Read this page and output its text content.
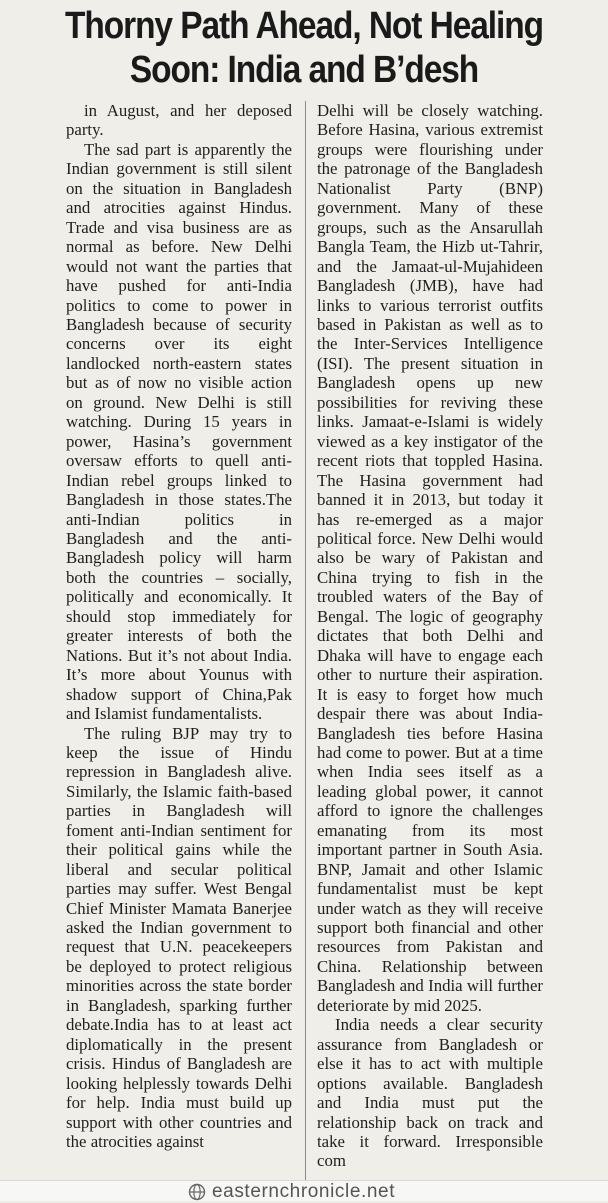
Thorny Path Ahead, Not Healing
Soon: India and B’desh

in August, and her deposed party.

The sad part is apparently the Indian government is still silent on the situation in Bangladesh and atrocities against Hindus. Trade and visa business are as normal as before. New Delhi would not want the parties that have pushed for anti-India politics to come to power in Bangladesh because of security concerns over its eight landlocked north-eastern states but as of now no visible action on ground. New Delhi is still watching. During 15 years in power, Hasina’s government oversaw efforts to quell anti-Indian rebel groups linked to Bangladesh in those states.The anti-Indian politics in Bangladesh and the anti-Bangladesh policy will harm both the countries – socially, politically and economically. It should stop immediately for greater interests of both the Nations. But it’s not about India. It’s more about Younus with shadow support of China,Pak and Islamist fundamentalists.

The ruling BJP may try to keep the issue of Hindu repression in Bangladesh alive. Similarly, the Islamic faith-based parties in Bangladesh will foment anti-Indian sentiment for their political gains while the liberal and secular political parties may suffer. West Bengal Chief Minister Mamata Banerjee asked the Indian government to request that U.N. peacekeepers be deployed to protect religious minorities across the state border in Bangladesh, sparking further debate.India has to at least act diplomatically in the present crisis. Hindus of Bangladesh are looking helplessly towards Delhi for help. India must build up support with other countries and the atrocities against

Delhi will be closely watching. Before Hasina, various extremist groups were flourishing under the patronage of the Bangladesh Nationalist Party (BNP) government. Many of these groups, such as the Ansarullah Bangla Team, the Hizb ut-Tahrir, and the Jamaat-ul-Mujahideen Bangladesh (JMB), have had links to various terrorist outfits based in Pakistan as well as to the Inter-Services Intelligence (ISI). The present situation in Bangladesh opens up new possibilities for reviving these links. Jamaat-e-Islami is widely viewed as a key instigator of the recent riots that toppled Hasina. The Hasina government had banned it in 2013, but today it has re-emerged as a major political force. New Delhi would also be wary of Pakistan and China trying to fish in the troubled waters of the Bay of Bengal. The logic of geography dictates that both Delhi and Dhaka will have to engage each other to nurture their aspiration. It is easy to forget how much despair there was about India-Bangladesh ties before Hasina had come to power. But at a time when India sees itself as a leading global power, it cannot afford to ignore the challenges emanating from its most important partner in South Asia. BNP, Jamait and other Islamic fundamentalist must be kept under watch as they will receive support both financial and other resources from Pakistan and China. Relationship between Bangladesh and India will further deteriorate by mid 2025.

India needs a clear security assurance from Bangladesh or else it has to act with multiple options available. Bangladesh and India must put the relationship back on track and take it forward. Irresponsible com

easternchronicle.net
